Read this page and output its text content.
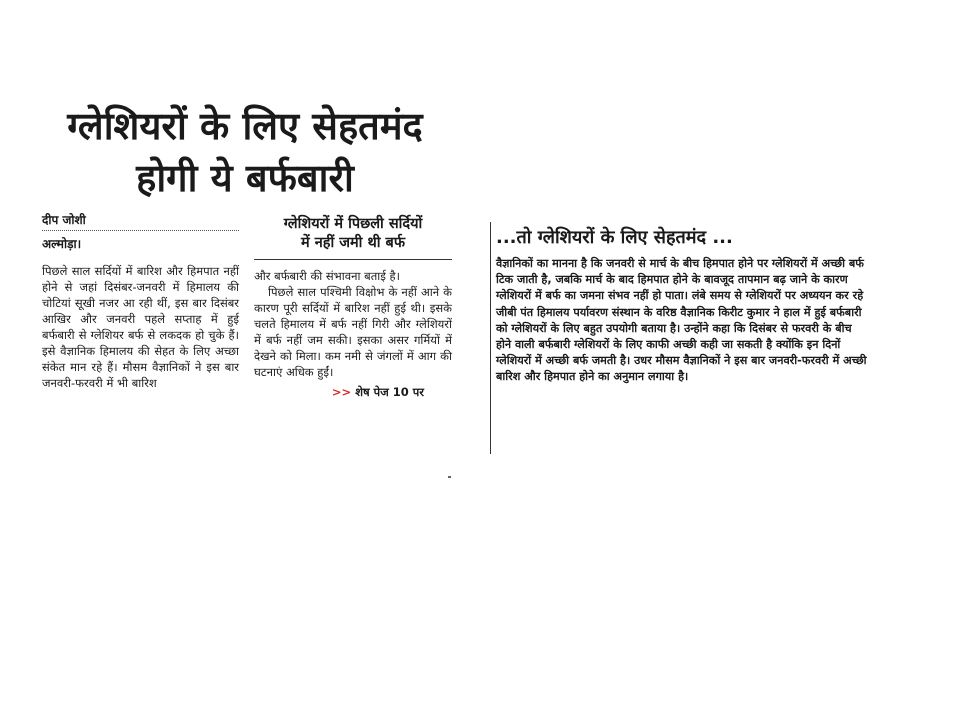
ग्लेशियरों के लिए सेहतमंद
होगी ये बर्फबारी
दीप जोशी
अल्मोड़ा।
पिछले साल सर्दियों में बारिश और हिमपात नहीं होने से जहां दिसंबर-जनवरी में हिमालय की चोटियां सूखी नजर आ रही थीं, इस बार दिसंबर आखिर और जनवरी पहले सप्ताह में हुई बर्फबारी से ग्लेशियर बर्फ से लकदक हो चुके हैं। इसे वैज्ञानिक हिमालय की सेहत के लिए अच्छा संकेत मान रहे हैं। मौसम वैज्ञानिकों ने इस बार जनवरी-फरवरी में भी बारिश
ग्लेशियरों में पिछली सर्दियों
में नहीं जमी थी बर्फ
और बर्फबारी की संभावना बताई है।
पिछले साल पश्चिमी विक्षोभ के नहीं आने के कारण पूरी सर्दियों में बारिश नहीं हुई थी। इसके चलते हिमालय में बर्फ नहीं गिरी और ग्लेशियरों में बर्फ नहीं जम सकी। इसका असर गर्मियों में देखने को मिला। कम नमी से जंगलों में आग की घटनाएं अधिक हुईं।
>> शेष पेज 10 पर
...तो ग्लेशियरों के लिए सेहतमंद ...
वैज्ञानिकों का मानना है कि जनवरी से मार्च के बीच हिमपात होने पर ग्लेशियरों में अच्छी बर्फ टिक जाती है, जबकि मार्च के बाद हिमपात होने के बावजूद तापमान बढ़ जाने के कारण ग्लेशियरों में बर्फ का जमना संभव नहीं हो पाता। लंबे समय से ग्लेशियरों पर अध्ययन कर रहे जीबी पंत हिमालय पर्यावरण संस्थान के वरिष्ठ वैज्ञानिक किरीट कुमार ने हाल में हुई बर्फबारी को ग्लेशियरों के लिए बहुत उपयोगी बताया है। उन्होंने कहा कि दिसंबर से फरवरी के बीच होने वाली बर्फबारी ग्लेशियरों के लिए काफी अच्छी कही जा सकती है क्योंकि इन दिनों ग्लेशियरों में अच्छी बर्फ जमती है। उधर मौसम वैज्ञानिकों ने इस बार जनवरी-फरवरी में अच्छी बारिश और हिमपात होने का अनुमान लगाया है।
